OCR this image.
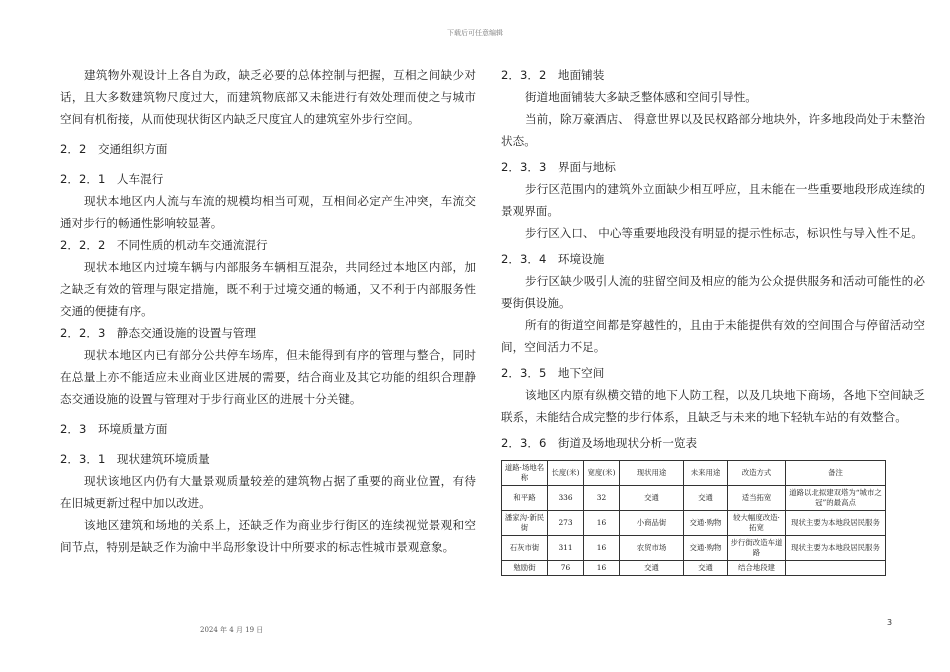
下载后可任意编辑

建筑物外观设计上各自为政，缺乏必要的总体控制与把握，互相之间缺少对话，且大多数建筑物尺度过大，而建筑物底部又未能进行有效处理而使之与城市空间有机衔接，从而使现状街区内缺乏尺度宜人的建筑室外步行空间。

2．2　交通组织方面

2．2．1　人车混行

现状本地区内人流与车流的规模均相当可观，互相间必定产生冲突，车流交通对步行的畅通性影响较显著。

2．2．2　不同性质的机动车交通流混行

现状本地区内过境车辆与内部服务车辆相互混杂，共同经过本地区内部，加之缺乏有效的管理与限定措施，既不利于过境交通的畅通，又不利于内部服务性交通的便捷有序。

2．2．3　静态交通设施的设置与管理

现状本地区内已有部分公共停车场库，但未能得到有序的管理与整合，同时在总量上亦不能适应未业商业区进展的需要，结合商业及其它功能的组织合理静态交通设施的设置与管理对于步行商业区的进展十分关键。

2．3　环境质量方面

2．3．1　现状建筑环境质量

现状该地区内仍有大量景观质量较差的建筑物占据了重要的商业位置，有待在旧城更新过程中加以改进。

该地区建筑和场地的关系上，还缺乏作为商业步行街区的连续视觉景观和空间节点，特别是缺乏作为渝中半岛形象设计中所要求的标志性城市景观意象。

2．3．2　地面铺装

街道地面铺装大多缺乏整体感和空间引导性。

当前，除万豪酒店、 得意世界以及民权路部分地块外，许多地段尚处于未整治状态。

2．3．3　界面与地标

步行区范围内的建筑外立面缺少相互呼应，且未能在一些重要地段形成连续的景观界面。

步行区入口、 中心等重要地段没有明显的提示性标志，标识性与导入性不足。

2．3．4　环境设施

步行区缺少吸引人流的驻留空间及相应的能为公众提供服务和活动可能性的必要街俱设施。

所有的街道空间都是穿越性的，且由于未能提供有效的空间围合与停留活动空间，空间活力不足。

2．3．5　地下空间

该地区内原有纵横交错的地下人防工程，以及几块地下商场，各地下空间缺乏联系，未能结合成完整的步行体系，且缺乏与未来的地下轻轨车站的有效整合。

2．3．6　街道及场地现状分析一览表

道路·场地名称	长度(米)	宽度(米)	现状用途	未来用途	改造方式	备注
和平路	336	32	交通	交通	适当拓宽	道路以北拟建双塔为“城市之冠”的最高点
潘家沟·新民街	273	16	小商品街	交通·购物	较大幅度改造·拓宽	现状主要为本地段居民服务
石灰市街	311	16	农贸市场	交通·购物	步行街改造车道路	现状主要为本地段居民服务
勉励街	76	16	交通	交通	结合地段建	
2024 年 4 月 19 日
3
